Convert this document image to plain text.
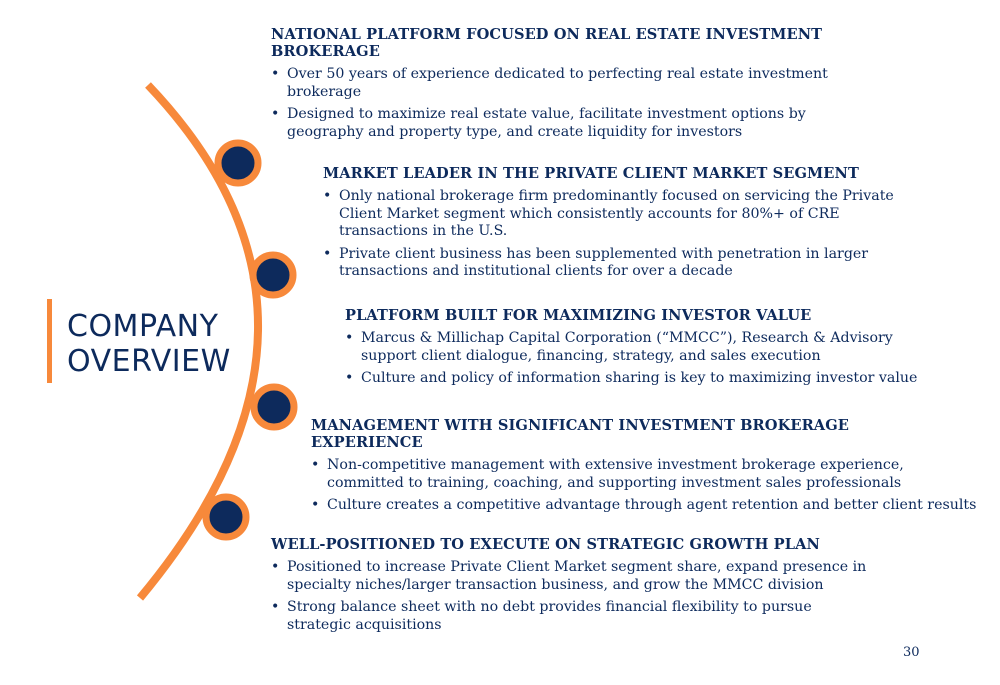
COMPANY
OVERVIEW
NATIONAL PLATFORM FOCUSED ON REAL ESTATE INVESTMENT BROKERAGE
• Over 50 years of experience dedicated to perfecting real estate investment brokerage
• Designed to maximize real estate value, facilitate investment options by geography and property type, and create liquidity for investors
MARKET LEADER IN THE PRIVATE CLIENT MARKET SEGMENT
• Only national brokerage firm predominantly focused on servicing the Private Client Market segment which consistently accounts for 80%+ of CRE transactions in the U.S.
• Private client business has been supplemented with penetration in larger transactions and institutional clients for over a decade
PLATFORM BUILT FOR MAXIMIZING INVESTOR VALUE
• Marcus & Millichap Capital Corporation (“MMCC”), Research & Advisory support client dialogue, financing, strategy, and sales execution
• Culture and policy of information sharing is key to maximizing investor value
MANAGEMENT WITH SIGNIFICANT INVESTMENT BROKERAGE EXPERIENCE
• Non-competitive management with extensive investment brokerage experience, committed to training, coaching, and supporting investment sales professionals
• Culture creates a competitive advantage through agent retention and better client results
WELL-POSITIONED TO EXECUTE ON STRATEGIC GROWTH PLAN
• Positioned to increase Private Client Market segment share, expand presence in specialty niches/larger transaction business, and grow the MMCC division
• Strong balance sheet with no debt provides financial flexibility to pursue strategic acquisitions
30
